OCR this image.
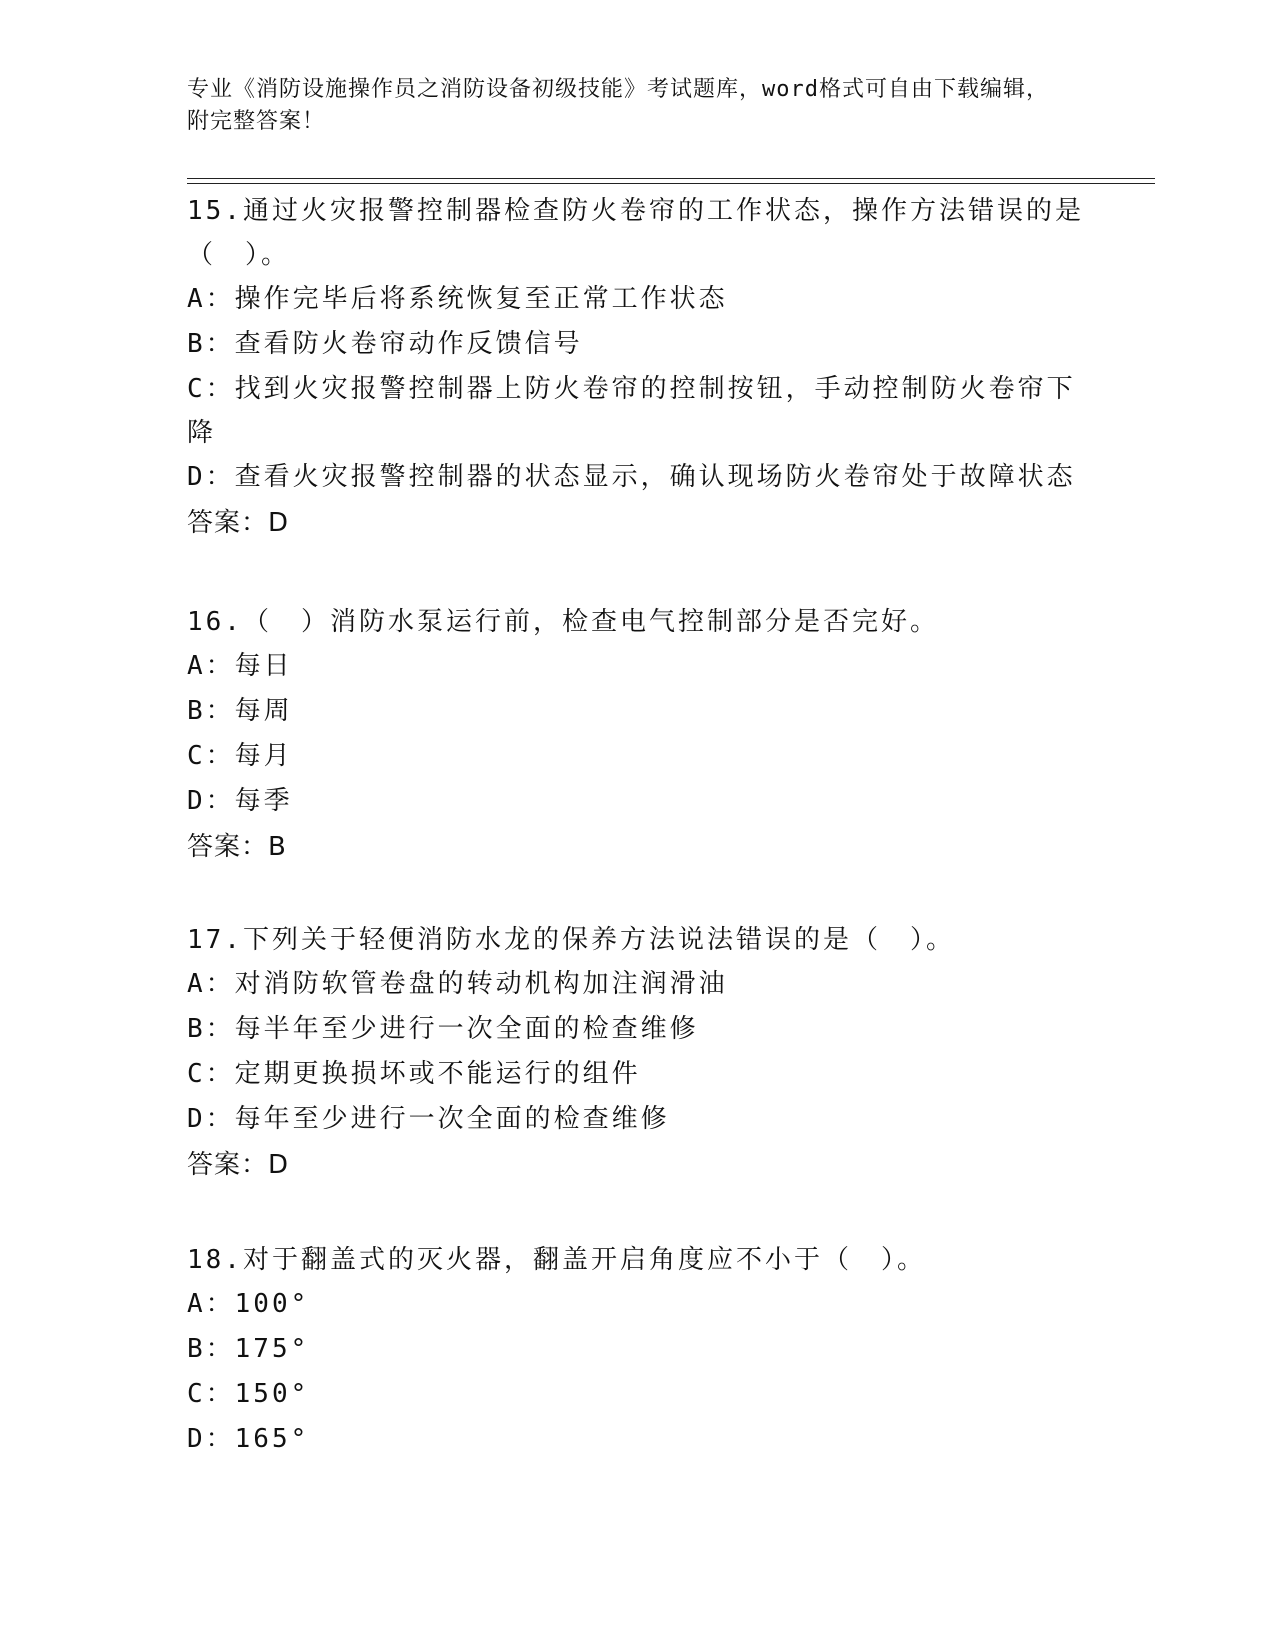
专业《消防设施操作员之消防设备初级技能》考试题库，word格式可自由下载编辑，附完整答案！

15.通过火灾报警控制器检查防火卷帘的工作状态，操作方法错误的是（　）。

A：操作完毕后将系统恢复至正常工作状态

B：查看防火卷帘动作反馈信号

C：找到火灾报警控制器上防火卷帘的控制按钮，手动控制防火卷帘下降

D：查看火灾报警控制器的状态显示，确认现场防火卷帘处于故障状态

答案：D

16.（　）消防水泵运行前，检查电气控制部分是否完好。

A：每日

B：每周

C：每月

D：每季

答案：B

17.下列关于轻便消防水龙的保养方法说法错误的是（　）。

A：对消防软管卷盘的转动机构加注润滑油

B：每半年至少进行一次全面的检查维修

C：定期更换损坏或不能运行的组件

D：每年至少进行一次全面的检查维修

答案：D

18.对于翻盖式的灭火器，翻盖开启角度应不小于（　）。

A：100°

B：175°

C：150°

D：165°
